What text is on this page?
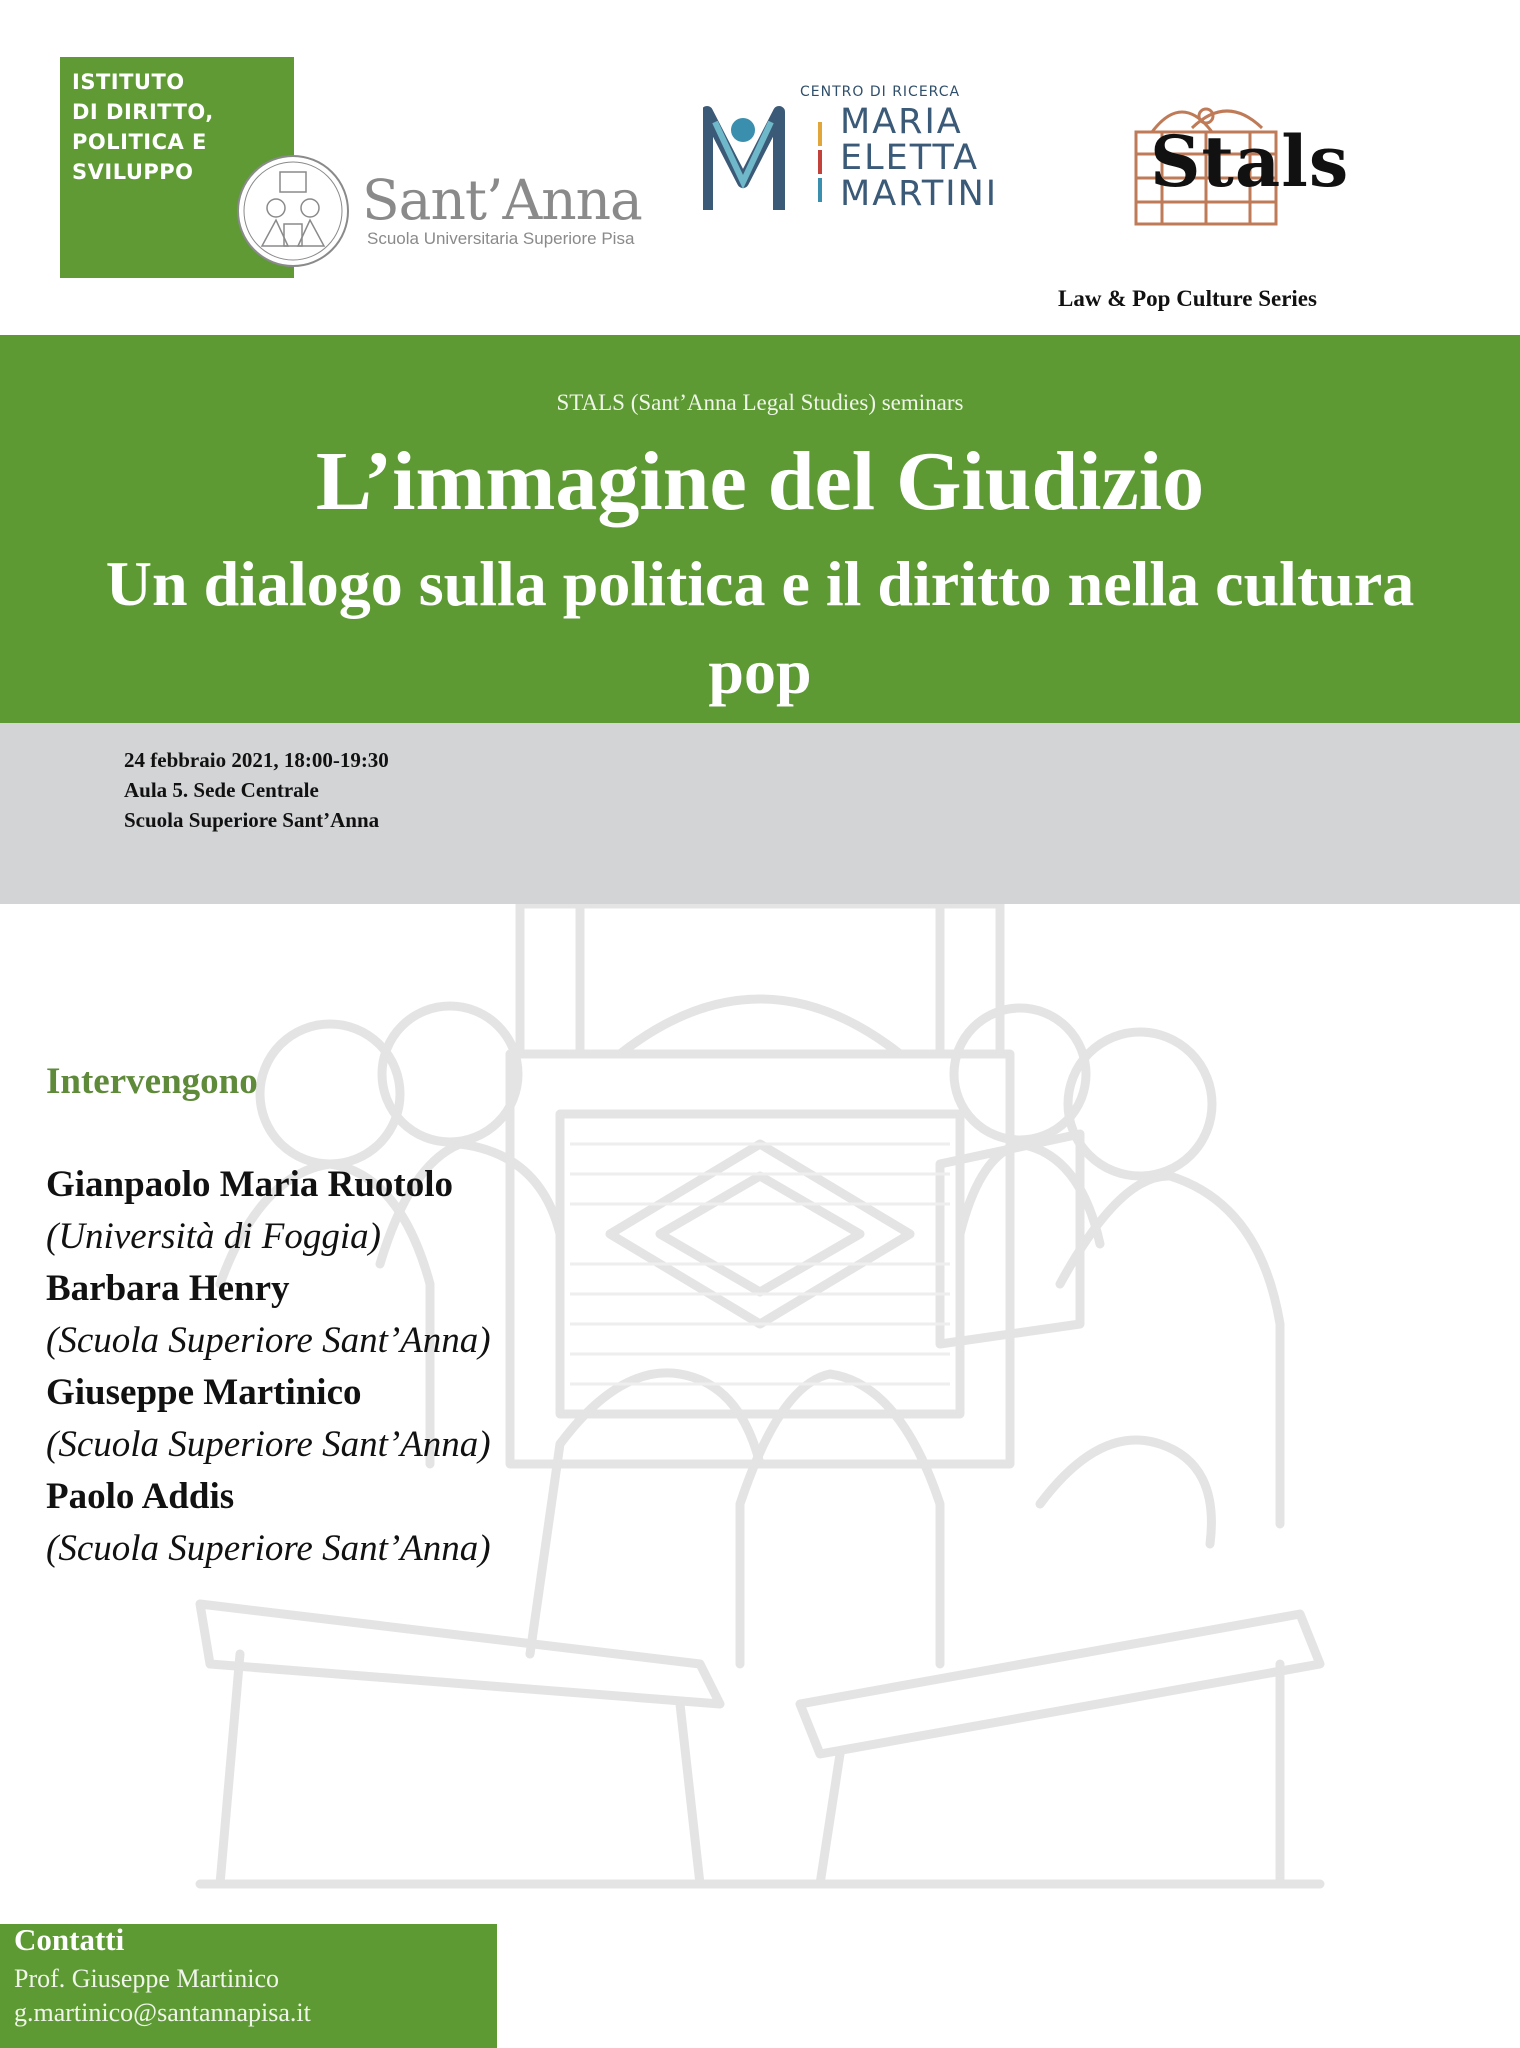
ISTITUTO
DI DIRITTO,
POLITICA E
SVILUPPO	Sant’Anna
Scuola Universitaria Superiore Pisa
CENTRO DI RICERCA
MARIA
ELETTA
MARTINI Stals
Law & Pop Culture Series
STALS (Sant’Anna Legal Studies) seminars
L’immagine del Giudizio
Un dialogo sulla politica e il diritto nella cultura pop
24 febbraio 2021, 18:00-19:30
Aula 5. Sede Centrale
Scuola Superiore Sant’Anna
Intervengono
Gianpaolo Maria Ruotolo
(Università di Foggia)
Barbara Henry
(Scuola Superiore Sant’Anna)
Giuseppe Martinico
(Scuola Superiore Sant’Anna)
Paolo Addis
(Scuola Superiore Sant’Anna)
Contatti
Prof. Giuseppe Martinico
g.martinico@santannapisa.it
